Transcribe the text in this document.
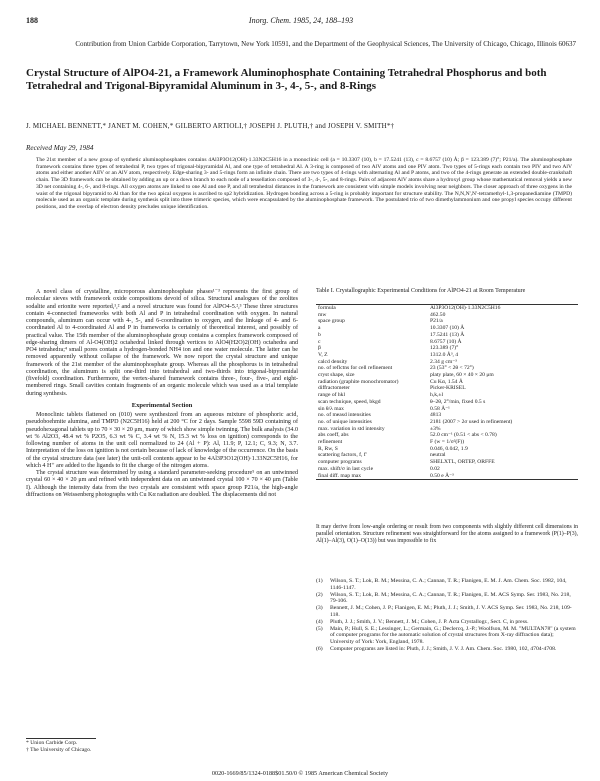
188	Inorg. Chem. 1985, 24, 188–193
Contribution from Union Carbide Corporation, Tarrytown, New York 10591, and the Department of the Geophysical Sciences, The University of Chicago, Chicago, Illinois 60637
Crystal Structure of AlPO4-21, a Framework Aluminophosphate Containing Tetrahedral Phosphorus and both Tetrahedral and Trigonal-Bipyramidal Aluminum in 3-, 4-, 5-, and 8-Rings
J. MICHAEL BENNETT,* JANET M. COHEN,* GILBERTO ARTIOLI,† JOSEPH J. PLUTH,† and JOSEPH V. SMITH*†
Received May 29, 1984
The 21st member of a new group of synthetic aluminophosphates contains 4Al3P3O12(OH)·1.33N2C5H16 in a monoclinic cell (a = 10.3307 (10), b = 17.5241 (13), c = 8.6757 (10) Å; β = 123.389 (7)°; P21/a). The aluminophosphate framework contains three types of tetrahedral P, two types of trigonal-bipyramidal Al, and one type of tetrahedral Al. A 3-ring is composed of two AlV atoms and one PIV atom. Two types of 5-rings each contain two PIV and two AlV atoms and either another AlIV or an AlV atom, respectively. Edge-sharing 3- and 5-rings form an infinite chain. There are two types of 4-rings with alternating Al and P atoms, and two of the 4-rings generate an extended double-crankshaft chain. The 3D framework can be obtained by adding an up or a down branch to each node of a tessellation composed of 3-, 4-, 5-, and 8-rings. Pairs of adjacent AlV atoms share a hydroxyl group whose mathematical removal yields a new 3D net containing 4-, 6-, and 8-rings. All oxygen atoms are linked to one Al and one P, and all tetrahedral distances in the framework are consistent with simple models involving near neighbors. The closer approach of three oxygens in the waist of the trigonal bipyramid to Al than for the two apical oxygens is ascribed to sp2 hybridization. Hydrogen bonding across a 5-ring is probably important for structure stability. The N,N,N',N'-tetramethyl-1,3-propanediamine (TMPD) molecule used as an organic template during synthesis split into three trimeric species, which were encapsulated by the aluminophosphate framework. The postulated trio of two dimethylammonium and one propyl species occupy different positions, and the overlap of electron density precludes unique identification.

A novel class of crystalline, microporous aluminophosphate phases¹⁻³ represents the first group of molecular sieves with framework oxide compositions devoid of silica. Structural analogues of the zeolites sodalite and erionite were reported,¹,² and a novel structure was found for AlPO4-5.²,³ These three structures contain 4-connected frameworks with both Al and P in tetrahedral coordination with oxygen. In natural compounds, aluminum can occur with 4-, 5-, and 6-coordination to oxygen, and the linkage of 4- and 6-coordinated Al to 4-coordinated Al and P in frameworks is certainly of theoretical interest, and possibly of practical value. The 15th member of the aluminophosphate group contains a complex framework composed of edge-sharing dimers of Al-O4(OH)2 octahedral linked through vertices to AlO4(H2O)2(OH) octahedra and PO4 tetrahedra;⁴ small pores contain a hydrogen-bonded NH4 ion and one water molecule. The latter can be removed apparently without collapse of the framework. We now report the crystal structure and unique framework of the 21st member of the aluminophosphate group. Whereas all the phosphorus is in tetrahedral coordination, the aluminum is split one-third into tetrahedral and two-thirds into trigonal-bipyramidal (fivefold) coordination. Furthermore, the vertex-shared framework contains three-, four-, five-, and eight-membered rings. Small cavities contain fragments of an organic molecule which was used as a trial template during synthesis.

Experimental Section

Monoclinic tablets flattened on (010) were synthesized from an aqueous mixture of phosphoric acid, pseudoboehmite alumina, and TMPD (N2C5H16) held at 200 °C for 2 days. Sample 5598 59D containing of pseudohexagonal tablets up to 70 × 30 × 20 μm, many of which show simple twinning. The bulk analysis (34.0 wt % Al2O3, 48.4 wt % P2O5, 6.3 wt % C, 3.4 wt % N, 15.3 wt % loss on ignition) corresponds to the following number of atoms in the unit cell normalized to 24 (Al + P): Al, 11.9; P, 12.1; C, 9.3; N, 3.7. Interpretation of the loss on ignition is not certain because of lack of knowledge of the occurrence. On the basis of the crystal structure data (see later) the unit-cell contents appear to be 4Al3P3O12(OH)·1.33N2C5H16, for which 4 H⁺ are added to the ligands to fit the charge of the nitrogen atoms.

The crystal structure was determined by using a standard parameter-seeking procedure⁵ on an untwinned crystal 60 × 40 × 20 μm and refined with independent data on an untwinned crystal 100 × 70 × 40 μm (Table I). Although the intensity data from the two crystals are consistent with space group P21/a, the high-angle diffractions on Weissenberg photographs with Cu Kα radiation are doubled. The displacements did not

Table I. Crystallographic Experimental Conditions for AlPO4-21 at Room Temperature
formula	Al3P3O12(OH)·1.33N2C5H16
mw	462.50
space group	P21/a
a	10.3307 (10) Å
b	17.5241 (13) Å
c	8.6757 (10) Å
β	123.389 (7)°
V, Z	1312.0 Å³, 4
calcd density	2.34 g cm⁻³
no. of reflctns for cell refinement	23 (53° < 2θ < 72°)
cryst shape, size	platy plate, 60 × 40 × 20 μm
radiation (graphite monochromator)	Cu Kα, 1.54 Å
diffractometer	Picker-KRISEL
range of hkl	h,k,±l
scan technique, speed, bkgd	θ–2θ, 2°/min, fixed 0.5 s
sin θ/λ max	0.58 Å⁻¹
no. of measd intensities	4813
no. of unique intensities	2181 (2007 > 2σ used in refinement)
max. variation in std intensity	±3%
abs coeff, abs	52.0 cm⁻¹ (0.51 < abs < 0.78)
refinement	F (w = 1/σ²(F))
R, Rw, S	0.046, 0.042, 1.9
scattering factors, f, f'	neutral
computer programs	SHELXTL, ORTEP, ORFFE
max. shift/σ in last cycle	0.02
final diff. map max	0.50 e Å⁻³
It may derive from low-angle ordering or result from two components with slightly different cell dimensions in parallel orientation. Structure refinement was straightforward for the atoms assigned to a framework (P(1)–P(3), Al(1)–Al(3), O(1)–O(13)) but was impossible to fix
(1)	Wilson, S. T.; Lok, B. M.; Messina, C. A.; Cannan, T. R.; Flanigen, E. M. J. Am. Chem. Soc. 1982, 104, 1146-1147.
(2)	Wilson, S. T.; Lok, B. M.; Messina, C. A.; Cannan, T. R.; Flanigen, E. M. ACS Symp. Ser. 1983, No. 218, 79-106.
(3)	Bennett, J. M.; Cohen, J. P.; Flanigen, E. M.; Pluth, J. J.; Smith, J. V. ACS Symp. Ser. 1983, No. 218, 109-118.
(4)	Pluth, J. J.; Smith, J. V.; Bennett, J. M.; Cohen, J. P. Acta Crystallogr., Sect. C, in press.
(5)	Main, P.; Hull, S. E.; Lessinger, L.; Germain, G.; Declercq, J.-P.; Woolfson, M. M. "MULTAN78" (a system of computer programs for the automatic solution of crystal structures from X-ray diffraction data); University of York: York, England, 1978.
(6)	Computer programs are listed in: Pluth, J. J.; Smith, J. V. J. Am. Chem. Soc. 1980, 102, 4704-4708.
* Union Carbide Corp.
† The University of Chicago.
0020-1669/85/1324-0188$01.50/0 © 1985 American Chemical Society
